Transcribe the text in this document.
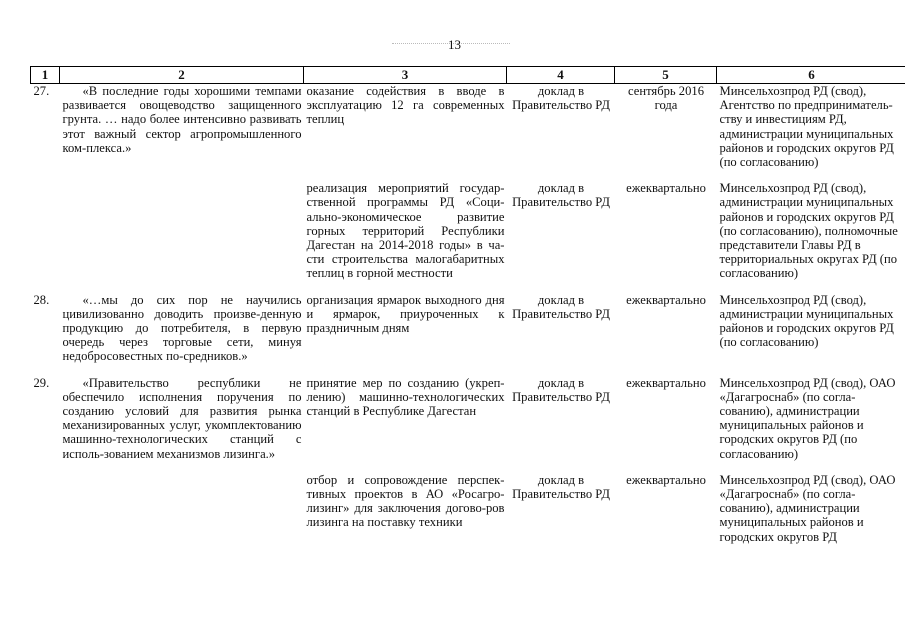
13
1	2	3	4	5	6
27.	«В последние годы хорошими темпами развивается овощеводство защищенного грунта. … надо более интенсивно развивать этот важный сектор агропромышленного ком-плекса.»	оказание содействия в вводе в эксплуатацию 12 га современных теплиц	доклад в Правительство РД	сентябрь 2016 года	Минсельхозпрод РД (свод), Агентство по предприниматель-ству и инвестициям РД, администрации муниципальных районов и городских округов РД (по согласованию)

		реализация мероприятий государ-ственной программы РД «Соци-ально-экономическое развитие горных территорий Республики Дагестан на 2014-2018 годы» в ча-сти строительства малогабаритных теплиц в горной местности	доклад в Правительство РД	ежеквартально	Минсельхозпрод РД (свод), администрации муниципальных районов и городских округов РД (по согласованию), полномочные представители Главы РД в территориальных округах РД (по согласованию)

28.	«…мы до сих пор не научились цивилизованно доводить произве-денную продукцию до потребителя, в первую очередь через торговые сети, минуя недобросовестных по-средников.»	организация ярмарок выходного дня и ярмарок, приуроченных к праздничным дням	доклад в Правительство РД	ежеквартально	Минсельхозпрод РД (свод), администрации муниципальных районов и городских округов РД (по согласованию)

29.	«Правительство республики не обеспечило исполнения поручения по созданию условий для развития рынка механизированных услуг, укомплектованию машинно-технологических станций с исполь-зованием механизмов лизинга.»	принятие мер по созданию (укреп-лению) машинно-технологических станций в Республике Дагестан	доклад в Правительство РД	ежеквартально	Минсельхозпрод РД (свод), ОАО «Дагагроснаб» (по согла-сованию), администрации муниципальных районов и городских округов РД (по согласованию)

		отбор и сопровождение перспек-тивных проектов в АО «Росагро-лизинг» для заключения догово-ров лизинга на поставку техники	доклад в Правительство РД	ежеквартально	Минсельхозпрод РД (свод), ОАО «Дагагроснаб» (по согла-сованию), администрации муниципальных районов и городских округов РД
